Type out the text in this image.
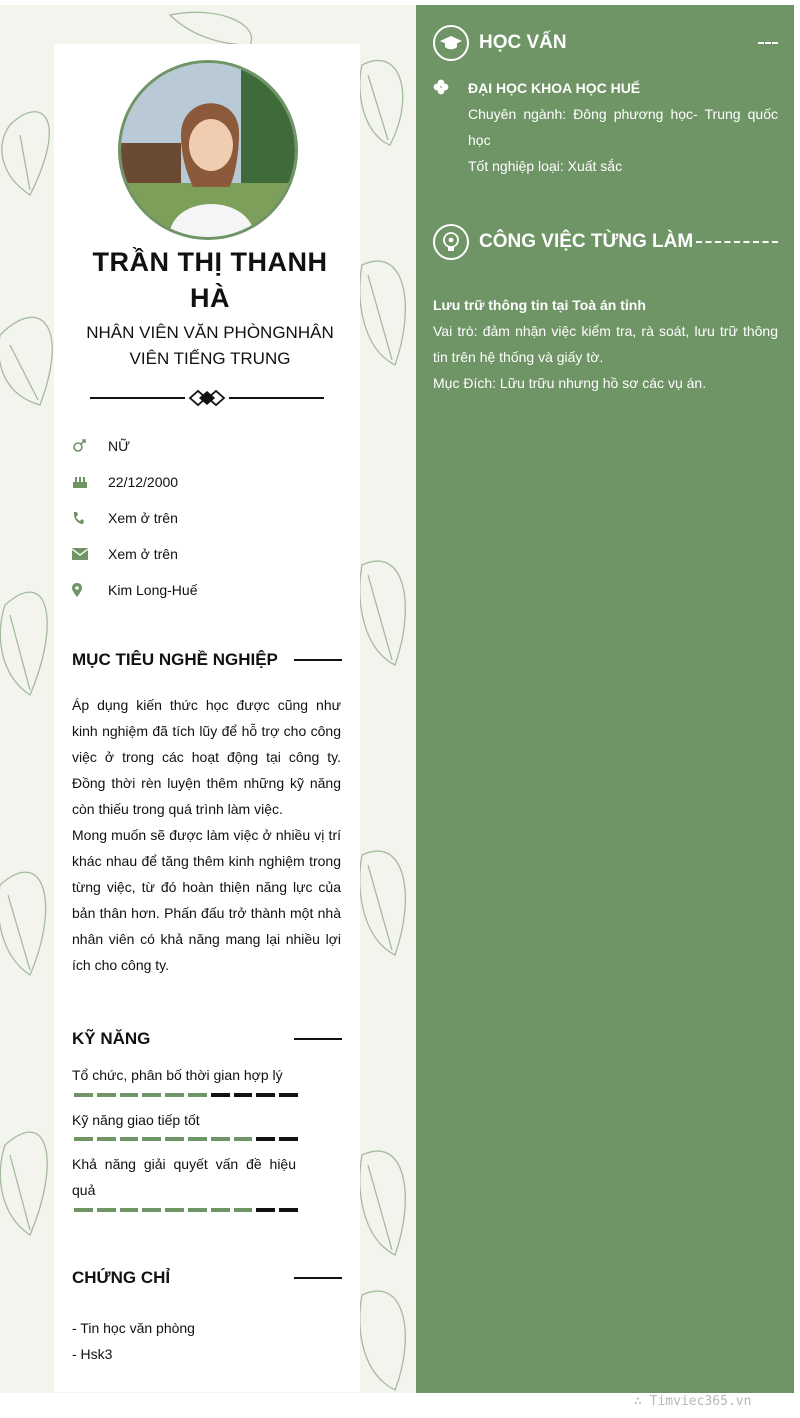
TRẦN THỊ THANH HÀ
NHÂN VIÊN VĂN PHÒNGNHÂN VIÊN TIẾNG TRUNG
NỮ
22/12/2000
Xem ở trên
Xem ở trên
Kim Long-Huế
MỤC TIÊU NGHỀ NGHIỆP
Áp dụng kiến thức học được cũng như kinh nghiệm đã tích lũy để hỗ trợ cho công việc ở trong các hoạt động tại công ty. Đồng thời rèn luyện thêm những kỹ năng còn thiếu trong quá trình làm việc.
Mong muốn sẽ được làm việc ở nhiều vị trí khác nhau để tăng thêm kinh nghiệm trong từng việc, từ đó hoàn thiện năng lực của bản thân hơn. Phấn đấu trở thành một nhà nhân viên có khả năng mang lại nhiều lợi ích cho công ty.
KỸ NĂNG
Tổ chức, phân bố thời gian hợp lý
Kỹ năng giao tiếp tốt
Khả năng giải quyết vấn đề hiệu quả
CHỨNG CHỈ
- Tin học văn phòng
- Hsk3
HỌC VẤN
ĐẠI HỌC KHOA HỌC HUẾ
Chuyên ngành: Đông phương học- Trung quốc học
Tốt nghiệp loại: Xuất sắc
CÔNG VIỆC TỪNG LÀM
Lưu trữ thông tin tại Toà án tỉnh
Vai trò: đảm nhận việc kiểm tra, rà soát, lưu trữ thông tin trên hệ thống và giấy tờ.
Mục Đích: Lữu trữu nhưng hồ sơ các vụ án.
∴ Timviec365.vn
